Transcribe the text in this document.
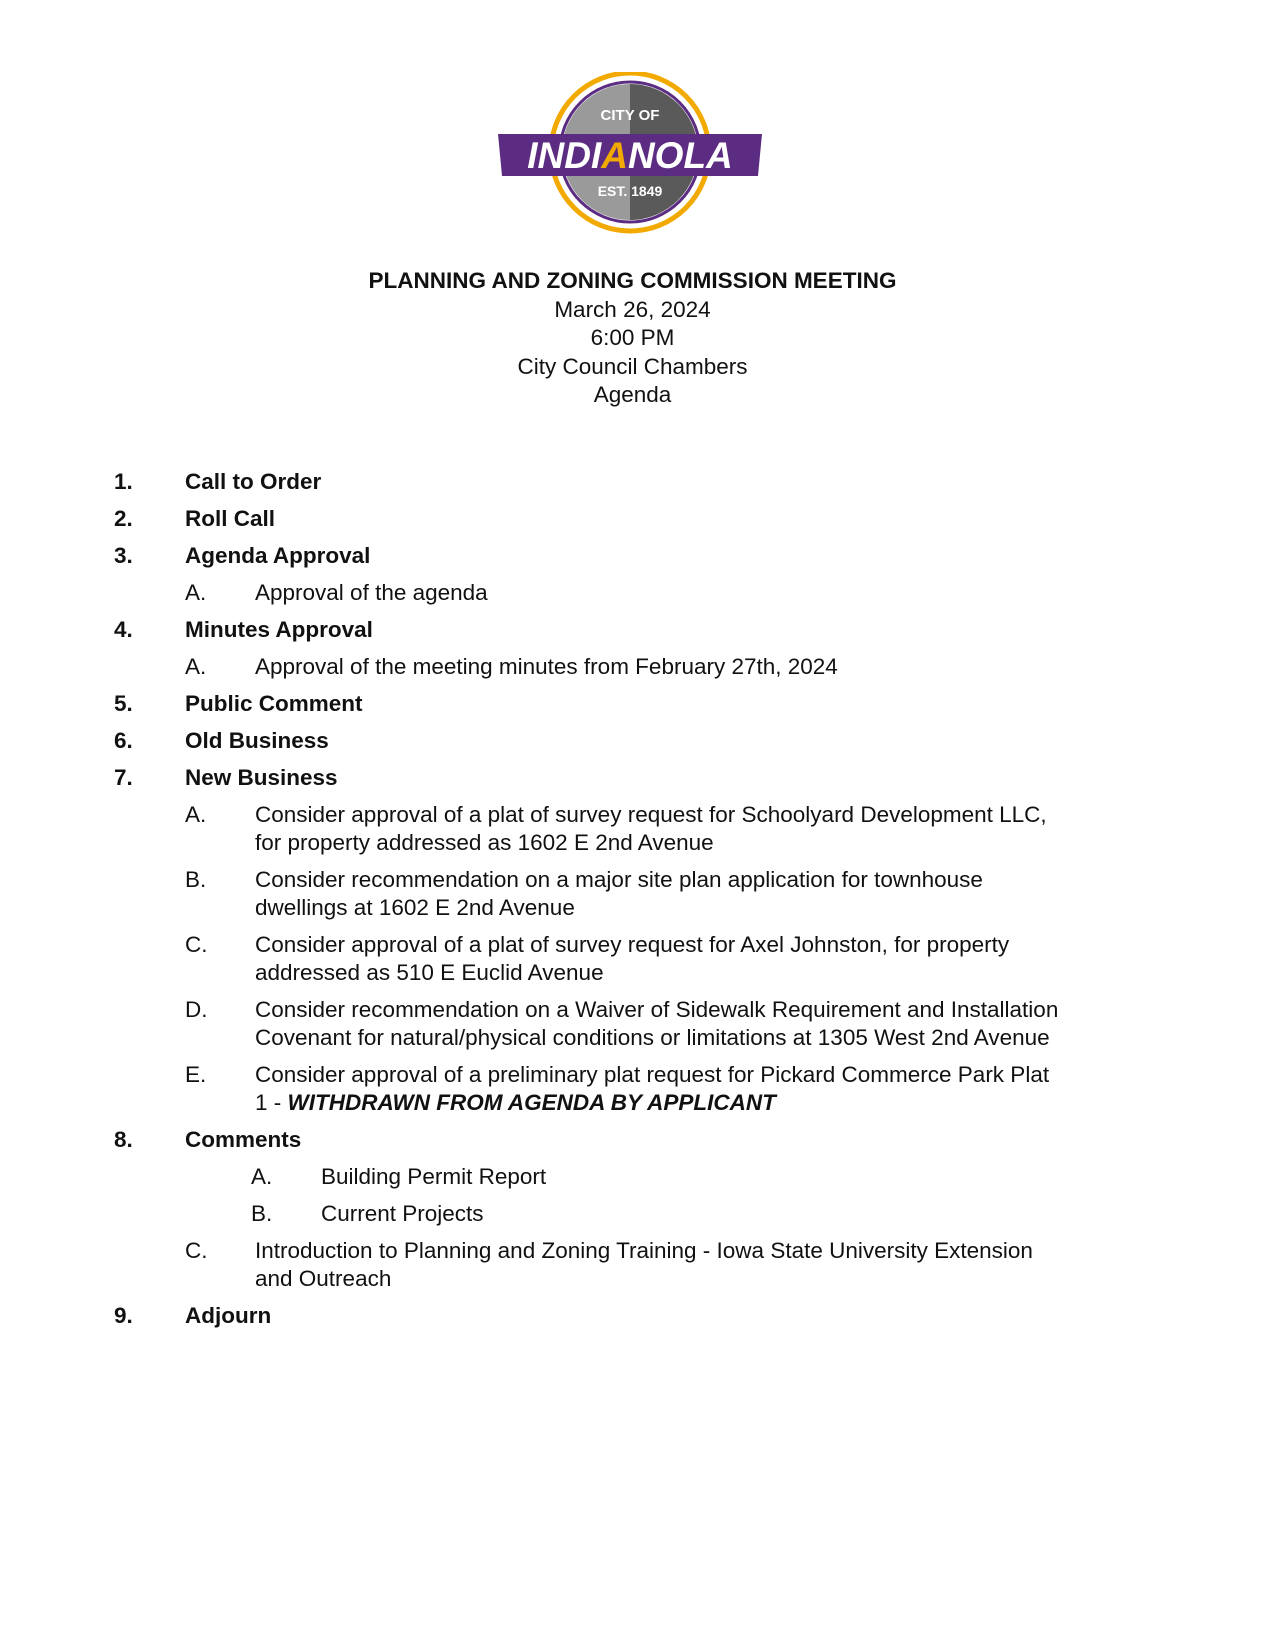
CITY OF
INDIANOLA
EST. 1849
PLANNING AND ZONING COMMISSION MEETING
March 26, 2024
6:00 PM
City Council Chambers
Agenda
1. Call to Order
2. Roll Call
3. Agenda Approval
A. Approval of the agenda
4. Minutes Approval
A. Approval of the meeting minutes from February 27th, 2024
5. Public Comment
6. Old Business
7. New Business
A. Consider approval of a plat of survey request for Schoolyard Development LLC,
for property addressed as 1602 E 2nd Avenue
B. Consider recommendation on a major site plan application for townhouse
dwellings at 1602 E 2nd Avenue
C. Consider approval of a plat of survey request for Axel Johnston, for property
addressed as 510 E Euclid Avenue
D. Consider recommendation on a Waiver of Sidewalk Requirement and Installation
Covenant for natural/physical conditions or limitations at 1305 West 2nd Avenue
E. Consider approval of a preliminary plat request for Pickard Commerce Park Plat
1 - WITHDRAWN FROM AGENDA BY APPLICANT
8. Comments
A. Building Permit Report
B. Current Projects
C. Introduction to Planning and Zoning Training - Iowa State University Extension
and Outreach
9. Adjourn
